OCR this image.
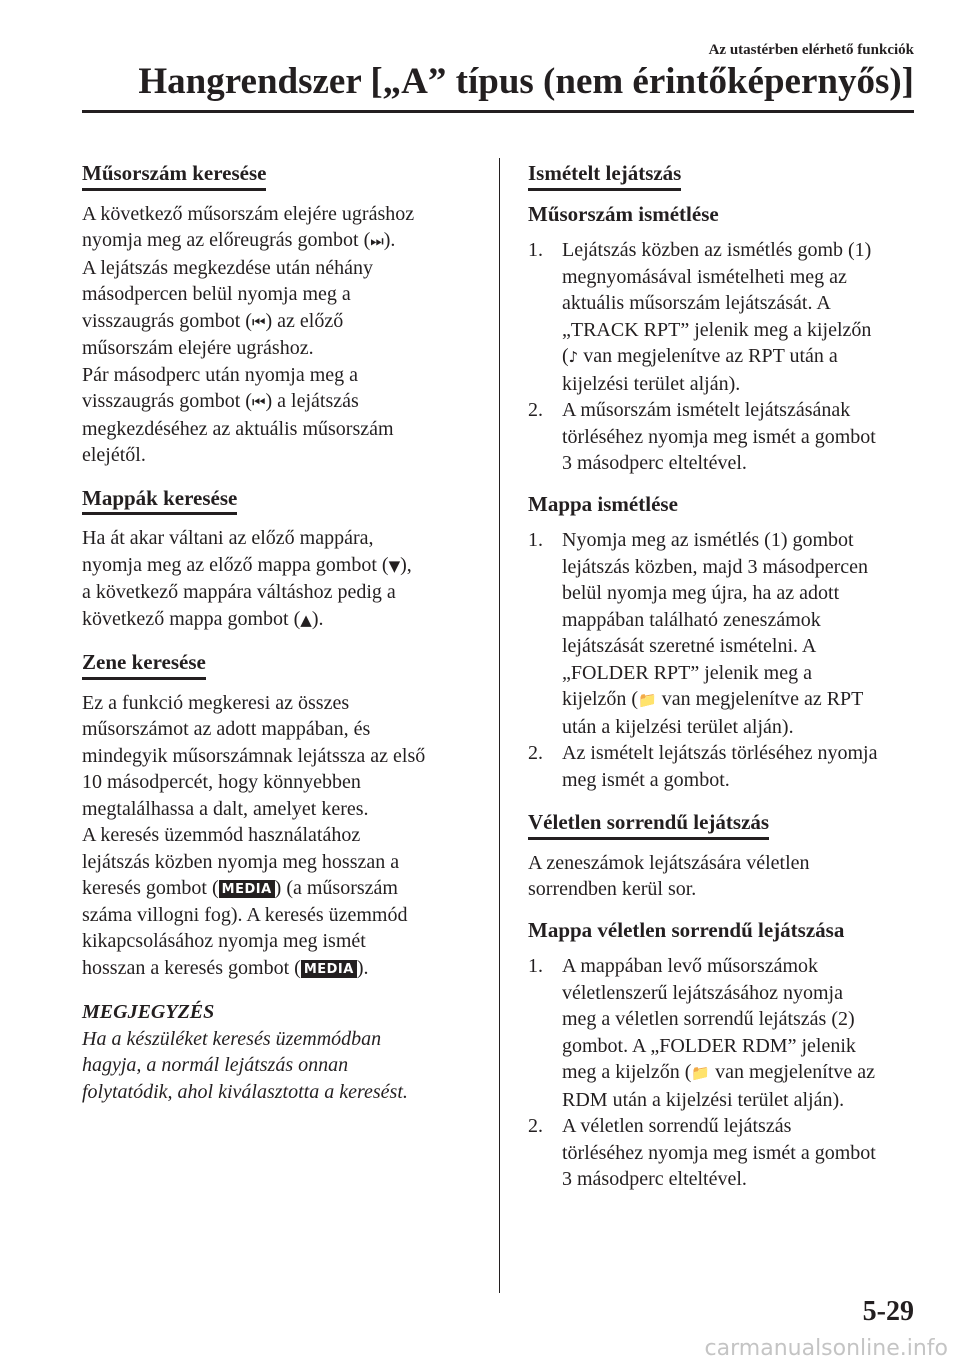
Az utastérben elérhető funkciók
Hangrendszer [„A” típus (nem érintőképernyős)]
Műsorszám keresése

A következő műsorszám elejére ugráshoz
nyomja meg az előreugrás gombot (⏭).
A lejátszás megkezdése után néhány
másodpercen belül nyomja meg a
visszaugrás gombot (⏮) az előző
műsorszám elejére ugráshoz.
Pár másodperc után nyomja meg a
visszaugrás gombot (⏮) a lejátszás
megkezdéséhez az aktuális műsorszám
elejétől.

Mappák keresése

Ha át akar váltani az előző mappára,
nyomja meg az előző mappa gombot (▼),
a következő mappára váltáshoz pedig a
következő mappa gombot (▲).

Zene keresése

Ez a funkció megkeresi az összes
műsorszámot az adott mappában, és
mindegyik műsorszámnak lejátssza az első
10 másodpercét, hogy könnyebben
megtalálhassa a dalt, amelyet keres.
A keresés üzemmód használatához
lejátszás közben nyomja meg hosszan a
keresés gombot ( MEDIA ) (a műsorszám
száma villogni fog). A keresés üzemmód
kikapcsolásához nyomja meg ismét
hosszan a keresés gombot ( MEDIA ).

MEGJEGYZÉS
Ha a készüléket keresés üzemmódban
hagyja, a normál lejátszás onnan
folytatódik, ahol kiválasztotta a keresést.
Ismételt lejátszás
Műsorszám ismétlése
1. Lejátszás közben az ismétlés gomb (1)
megnyomásával ismételheti meg az
aktuális műsorszám lejátszását. A
„TRACK RPT” jelenik meg a kijelzőn
(♪ van megjelenítve az RPT után a
kijelzési terület alján).
2. A műsorszám ismételt lejátszásának
törléséhez nyomja meg ismét a gombot
3 másodperc elteltével.
Mappa ismétlése
1. Nyomja meg az ismétlés (1) gombot
lejátszás közben, majd 3 másodpercen
belül nyomja meg újra, ha az adott
mappában található zeneszámok
lejátszását szeretné ismételni. A
„FOLDER RPT” jelenik meg a
kijelzőn (📁 van megjelenítve az RPT
után a kijelzési terület alján).
2. Az ismételt lejátszás törléséhez nyomja
meg ismét a gombot.
Véletlen sorrendű lejátszás

A zeneszámok lejátszására véletlen
sorrendben kerül sor.

Mappa véletlen sorrendű lejátszása
1. A mappában levő műsorszámok
véletlenszerű lejátszásához nyomja
meg a véletlen sorrendű lejátszás (2)
gombot. A „FOLDER RDM” jelenik
meg a kijelzőn (📁 van megjelenítve az
RDM után a kijelzési terület alján).
2. A véletlen sorrendű lejátszás
törléséhez nyomja meg ismét a gombot
3 másodperc elteltével.
5-29
carmanualsonline.info
